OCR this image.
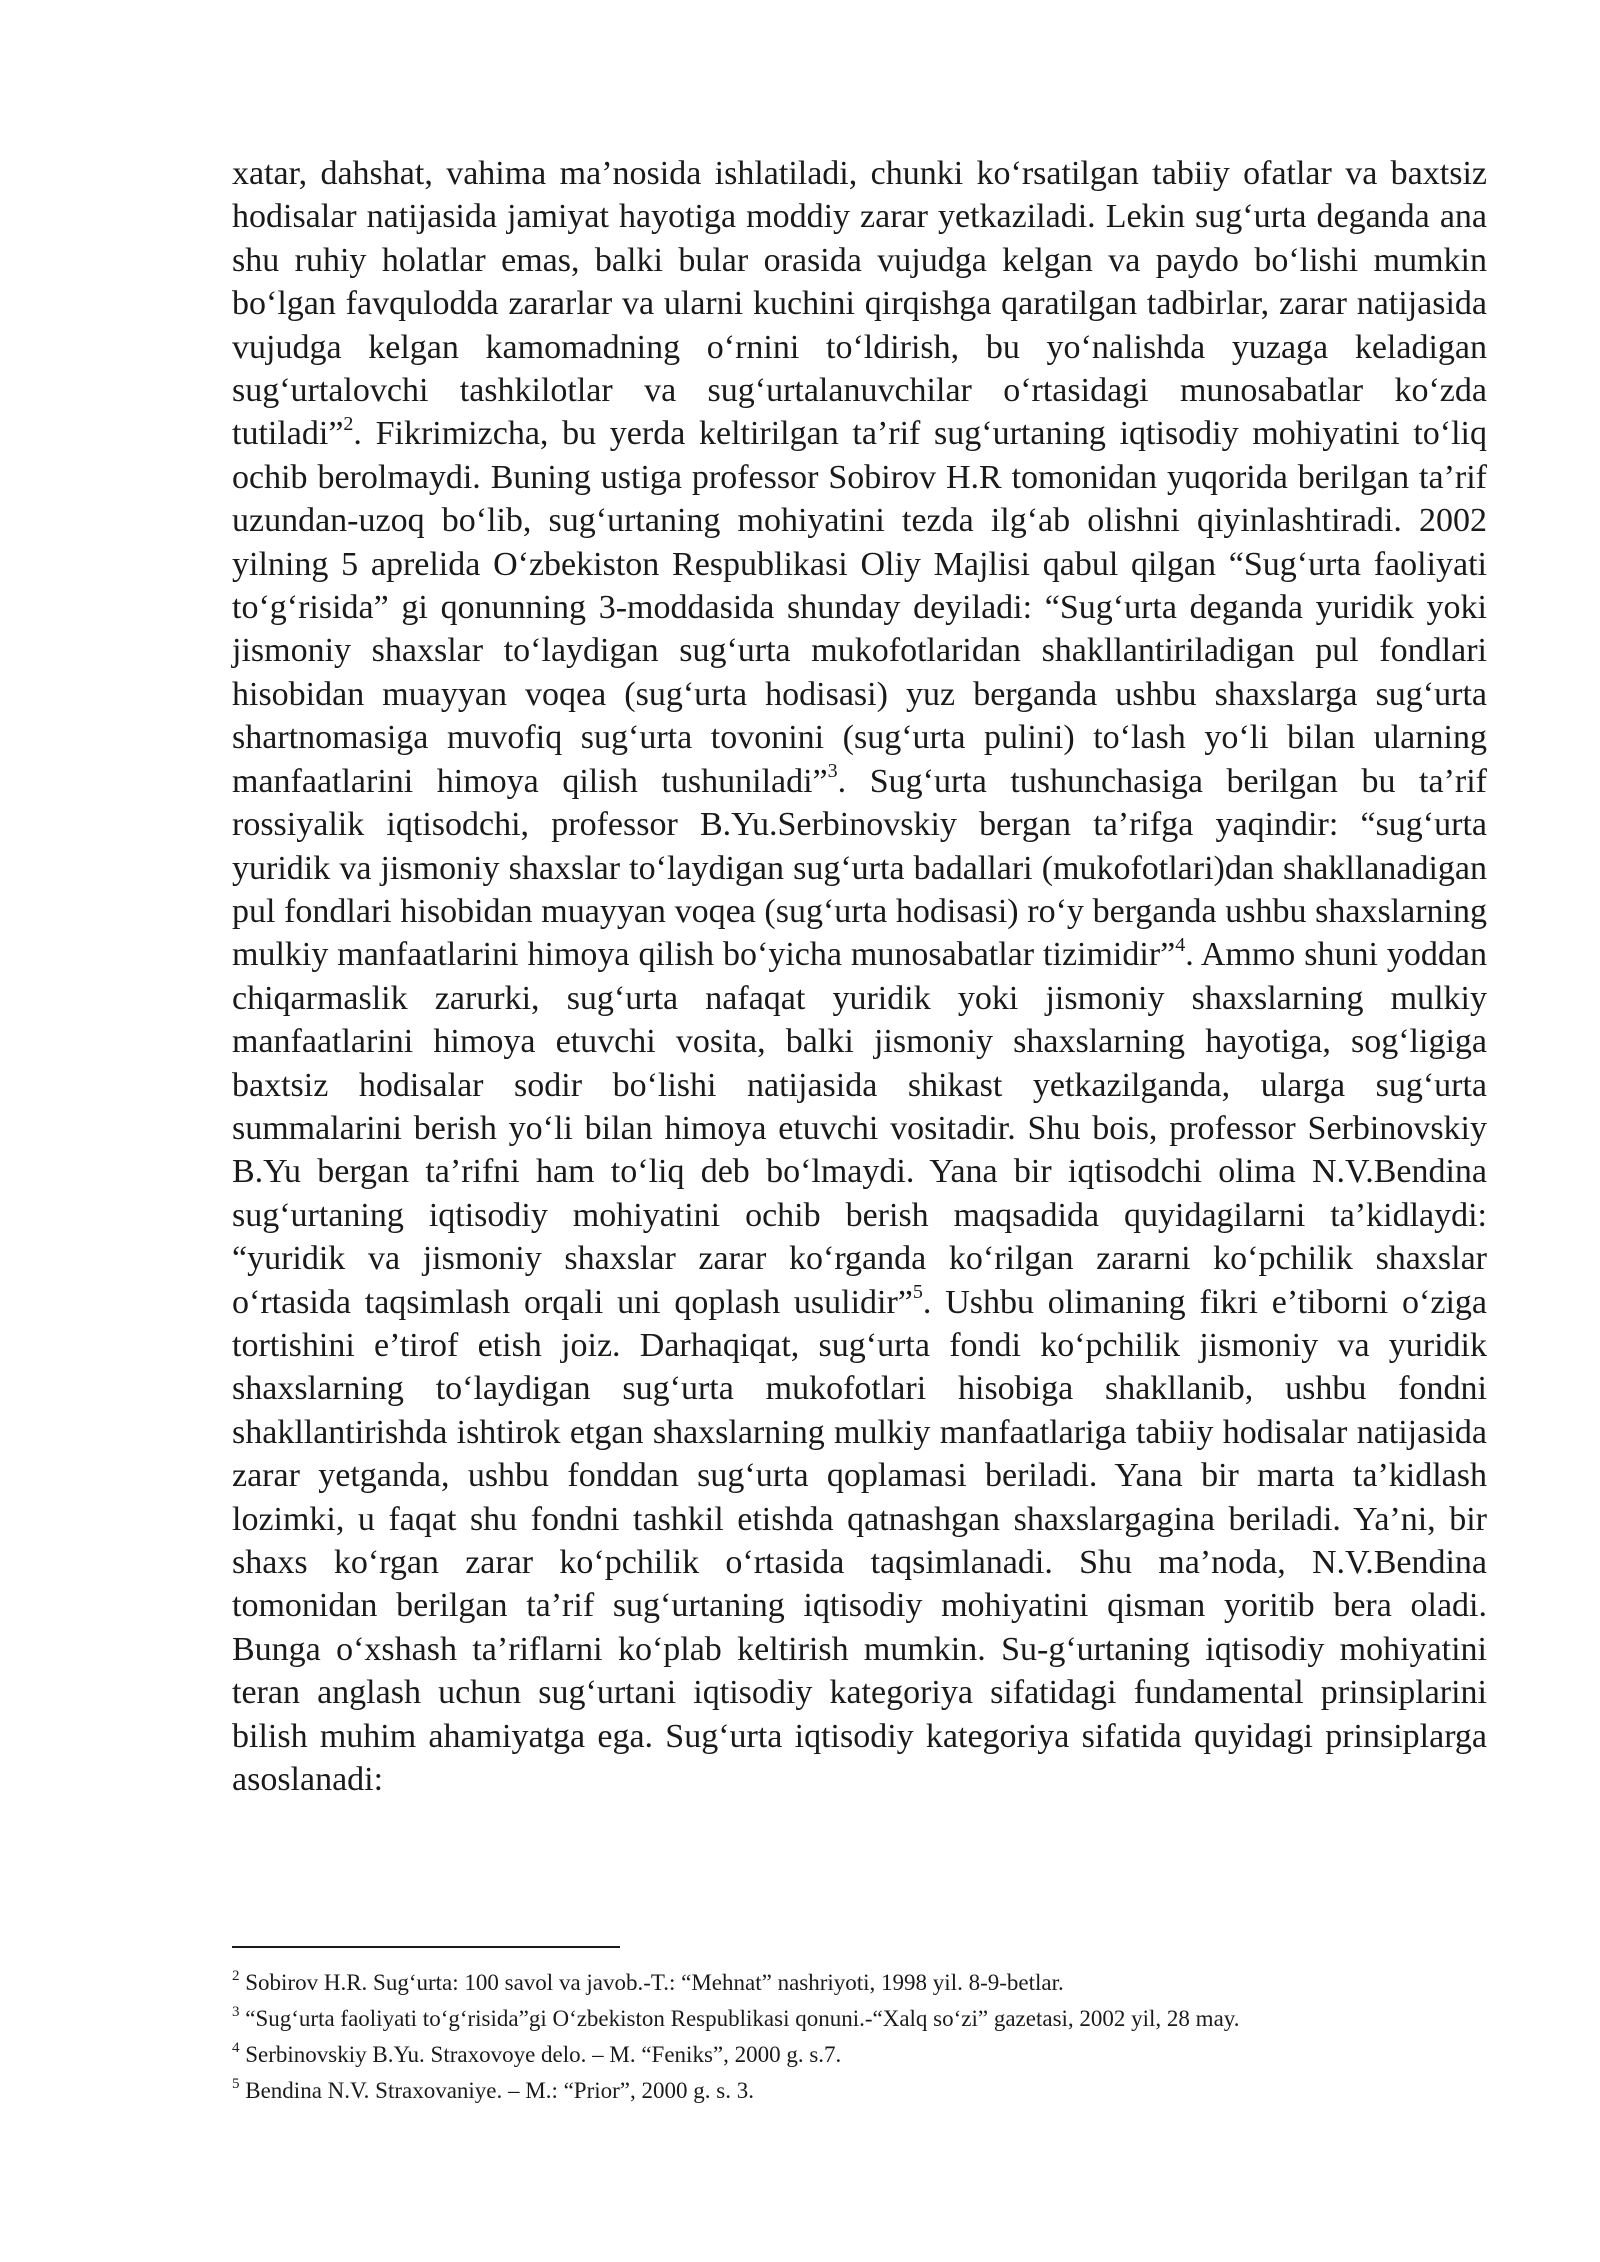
xatar, dahshat, vahima ma’nosida ishlatiladi, chunki ko‘rsatilgan tabiiy ofatlar va baxtsiz hodisalar natijasida jamiyat hayotiga moddiy zarar yetkaziladi. Lekin sug‘urta deganda ana shu ruhiy holatlar emas, balki bular orasida vujudga kelgan va paydo bo‘lishi mumkin bo‘lgan favqulodda zararlar va ularni kuchini qirqishga qaratilgan tadbirlar, zarar natijasida vujudga kelgan kamomadning o‘rnini to‘ldirish, bu yo‘nalishda yuzaga keladigan sug‘urtalovchi tashkilotlar va sug‘urtalanuvchilar o‘rtasidagi munosabatlar ko‘zda tutiladi”$^2$. Fikrimizcha, bu yerda keltirilgan ta’rif sug‘urtaning iqtisodiy mohiyatini to‘liq ochib berolmaydi. Buning ustiga professor Sobirov H.R tomonidan yuqorida berilgan ta’rif uzundan-uzoq bo‘lib, sug‘urtaning mohiyatini tezda ilg‘ab olishni qiyinlashtiradi. 2002 yilning 5 aprelida O‘zbekiston Respublikasi Oliy Majlisi qabul qilgan “Sug‘urta faoliyati to‘g‘risida” gi qonunning 3-moddasida shunday deyiladi: “Sug‘urta deganda yuridik yoki jismoniy shaxslar to‘laydigan sug‘urta mukofotlaridan shakllantiriladigan pul fondlari hisobidan muayyan voqea (sug‘urta hodisasi) yuz berganda ushbu shaxslarga sug‘urta shartnomasiga muvofiq sug‘urta tovonini (sug‘urta pulini) to‘lash yo‘li bilan ularning manfaatlarini himoya qilish tushuniladi”$^3$. Sug‘urta tushunchasiga berilgan bu ta’rif rossiyalik iqtisodchi, professor B.Yu.Serbinovskiy bergan ta’rifga yaqindir: “sug‘urta yuridik va jismoniy shaxslar to‘laydigan sug‘urta badallari (mukofotlari)dan shakllanadigan pul fondlari hisobidan muayyan voqea (sug‘urta hodisasi) ro‘y berganda ushbu shaxslarning mulkiy manfaatlarini himoya qilish bo‘yicha munosabatlar tizimidir”$^4$. Ammo shuni yoddan chiqarmaslik zarurki, sug‘urta nafaqat yuridik yoki jismoniy shaxslarning mulkiy manfaatlarini himoya etuvchi vosita, balki jismoniy shaxslarning hayotiga, sog‘ligiga baxtsiz hodisalar sodir bo‘lishi natijasida shikast yetkazilganda, ularga sug‘urta summalarini berish yo‘li bilan himoya etuvchi vositadir. Shu bois, professor Serbinovskiy B.Yu bergan ta’rifni ham to‘liq deb bo‘lmaydi. Yana bir iqtisodchi olima N.V.Bendina sug‘urtaning iqtisodiy mohiyatini ochib berish maqsadida quyidagilarni ta’kidlaydi: “yuridik va jismoniy shaxslar zarar ko‘rganda ko‘rilgan zararni ko‘pchilik shaxslar o‘rtasida taqsimlash orqali uni qoplash usulidir”$^5$. Ushbu olimaning fikri e’tiborni o‘ziga tortishini e’tirof etish joiz. Darhaqiqat, sug‘urta fondi ko‘pchilik jismoniy va yuridik shaxslarning to‘laydigan sug‘urta mukofotlari hisobiga shakllanib, ushbu fondni shakllantirishda ishtirok etgan shaxslarning mulkiy manfaatlariga tabiiy hodisalar natijasida zarar yetganda, ushbu fonddan sug‘urta qoplamasi beriladi. Yana bir marta ta’kidlash lozimki, u faqat shu fondni tashkil etishda qatnashgan shaxslargagina beriladi. Ya’ni, bir shaxs ko‘rgan zarar ko‘pchilik o‘rtasida taqsimlanadi. Shu ma’noda, N.V.Bendina tomonidan berilgan ta’rif sug‘urtaning iqtisodiy mohiyatini qisman yoritib bera oladi. Bunga o‘xshash ta’riflarni ko‘plab keltirish mumkin. Su-g‘urtaning iqtisodiy mohiyatini teran anglash uchun sug‘urtani iqtisodiy kategoriya sifatidagi fundamental prinsiplarini bilish muhim ahamiyatga ega. Sug‘urta iqtisodiy kategoriya sifatida quyidagi prinsiplarga asoslanadi:

$^2$ Sobirov H.R. Sug‘urta: 100 savol va javob.-T.: “Mehnat” nashriyoti, 1998 yil. 8-9-betlar.
$^3$ “Sug‘urta faoliyati to‘g‘risida”gi O‘zbekiston Respublikasi qonuni.-“Xalq so‘zi” gazetasi, 2002 yil, 28 may.
$^4$ Serbinovskiy B.Yu. Straxovoye delo. – M. “Feniks”, 2000 g. s.7.
$^5$ Bendina N.V. Straxovaniye. – M.: “Prior”, 2000 g. s. 3.
